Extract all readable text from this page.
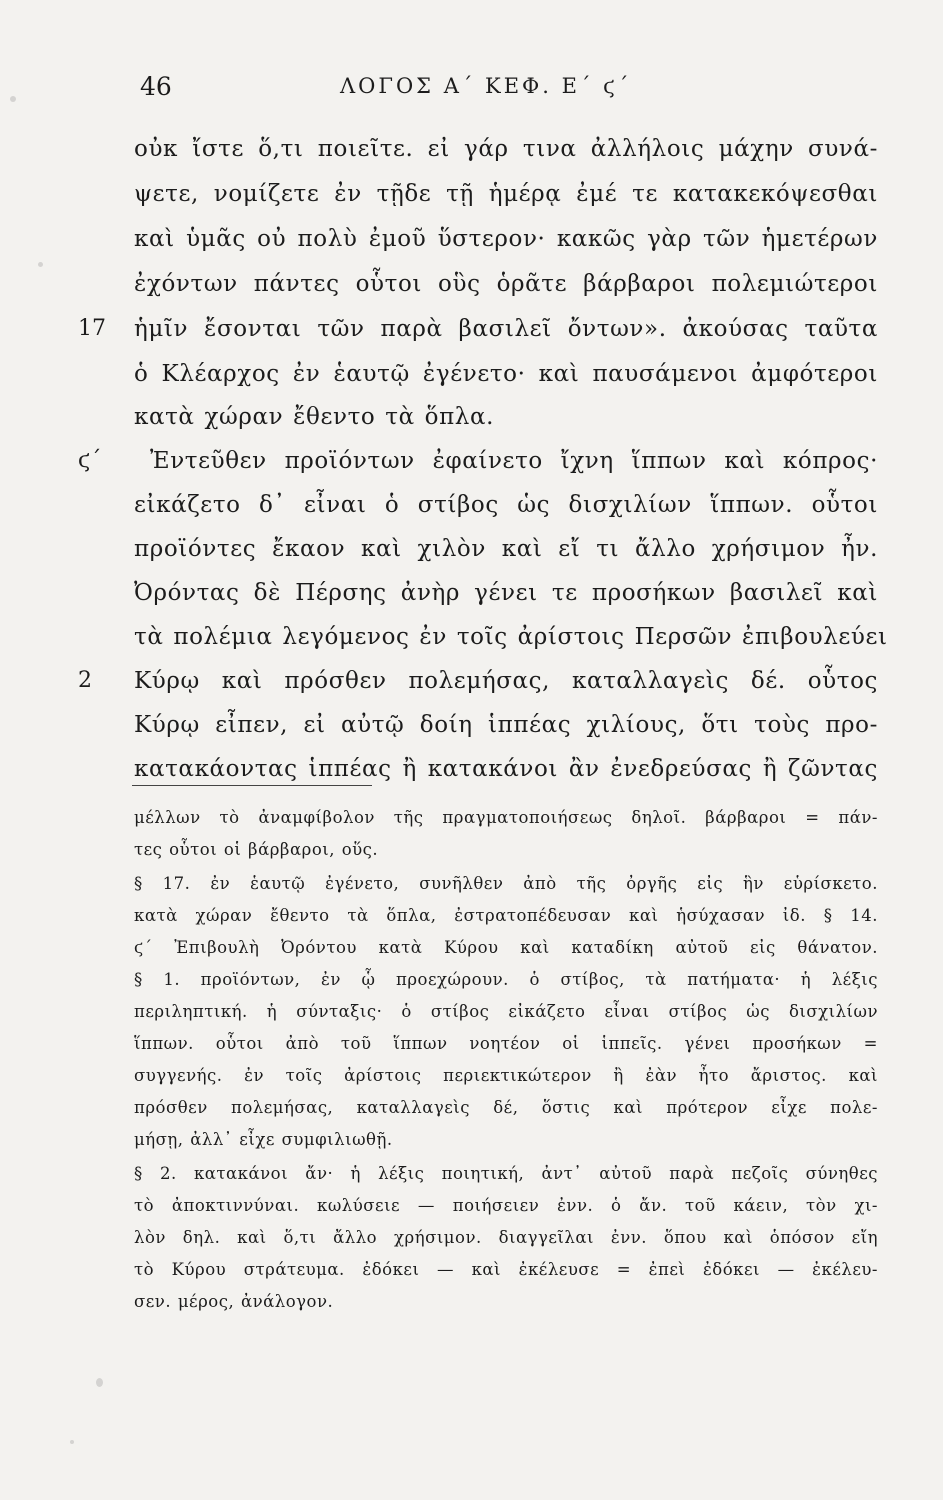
46	ΛΟΓΟΣ Α΄ ΚΕΦ. Ε΄ ϛ΄
οὐκ ἴστε ὅ,τι ποιεῖτε. εἰ γάρ τινα ἀλλήλοις μάχην συνά-
ψετε, νομίζετε ἐν τῇδε τῇ ἡμέρᾳ ἐμέ τε κατακεκόψεσθαι
καὶ ὑμᾶς οὐ πολὺ ἐμοῦ ὕστερον· κακῶς γὰρ τῶν ἡμετέρων
ἐχόντων πάντες οὗτοι οὓς ὁρᾶτε βάρβαροι πολεμιώτεροι
17 ἡμῖν ἔσονται τῶν παρὰ βασιλεῖ ὄντων». ἀκούσας ταῦτα
ὁ Κλέαρχος ἐν ἑαυτῷ ἐγένετο· καὶ παυσάμενοι ἀμφότεροι
κατὰ χώραν ἔθεντο τὰ ὅπλα.
ϛ΄ Ἐντεῦθεν προϊόντων ἐφαίνετο ἴχνη ἵππων καὶ κόπρος·
εἰκάζετο δ᾽ εἶναι ὁ στίβος ὡς δισχιλίων ἵππων. οὗτοι
προϊόντες ἔκαον καὶ χιλὸν καὶ εἴ τι ἄλλο χρήσιμον ἦν.
Ὀρόντας δὲ Πέρσης ἀνὴρ γένει τε προσήκων βασιλεῖ καὶ
τὰ πολέμια λεγόμενος ἐν τοῖς ἀρίστοις Περσῶν ἐπιβουλεύει
2 Κύρῳ καὶ πρόσθεν πολεμήσας, καταλλαγεὶς δέ. οὗτος
Κύρῳ εἶπεν, εἰ αὐτῷ δοίη ἱππέας χιλίους, ὅτι τοὺς προ-
κατακάοντας ἱππέας ἢ κατακάνοι ἂν ἐνεδρεύσας ἢ ζῶντας
μέλλων τὸ ἀναμφίβολον τῆς πραγματοποιήσεως δηλοῖ. βάρβαροι = πάν-
τες οὗτοι οἱ βάρβαροι, οὕς.
§ 17. ἐν ἑαυτῷ ἐγένετο, συνῆλθεν ἀπὸ τῆς ὀργῆς εἰς ἣν εὑρίσκετο.
κατὰ χώραν ἔθεντο τὰ ὅπλα, ἐστρατοπέδευσαν καὶ ἡσύχασαν ἰδ. § 14.
ϛ΄ Ἐπιβουλὴ Ὀρόντου κατὰ Κύρου καὶ καταδίκη αὐτοῦ εἰς θάνατον.
§ 1. προϊόντων, ἐν ᾧ προεχώρουν. ὁ στίβος, τὰ πατήματα· ἡ λέξις
περιληπτική. ἡ σύνταξις· ὁ στίβος εἰκάζετο εἶναι στίβος ὡς δισχιλίων
ἵππων. οὗτοι ἀπὸ τοῦ ἵππων νοητέον οἱ ἱππεῖς. γένει προσήκων =
συγγενής. ἐν τοῖς ἀρίστοις περιεκτικώτερον ἢ ἐὰν ἦτο ἄριστος. καὶ
πρόσθεν πολεμήσας, καταλλαγεὶς δέ, ὅστις καὶ πρότερον εἶχε πολε-
μήσῃ, ἀλλ᾽ εἶχε συμφιλιωθῇ.
§ 2. κατακάνοι ἄν· ἡ λέξις ποιητική, ἀντ᾽ αὐτοῦ παρὰ πεζοῖς σύνηθες
τὸ ἀποκτιννύναι. κωλύσειε — ποιήσειεν ἐνν. ὁ ἄν. τοῦ κάειν, τὸν χι-
λὸν δηλ. καὶ ὅ,τι ἄλλο χρήσιμον. διαγγεῖλαι ἐνν. ὅπου καὶ ὁπόσον εἴη
τὸ Κύρου στράτευμα. ἐδόκει — καὶ ἐκέλευσε = ἐπεὶ ἐδόκει — ἐκέλευ-
σεν. μέρος, ἀνάλογον.
